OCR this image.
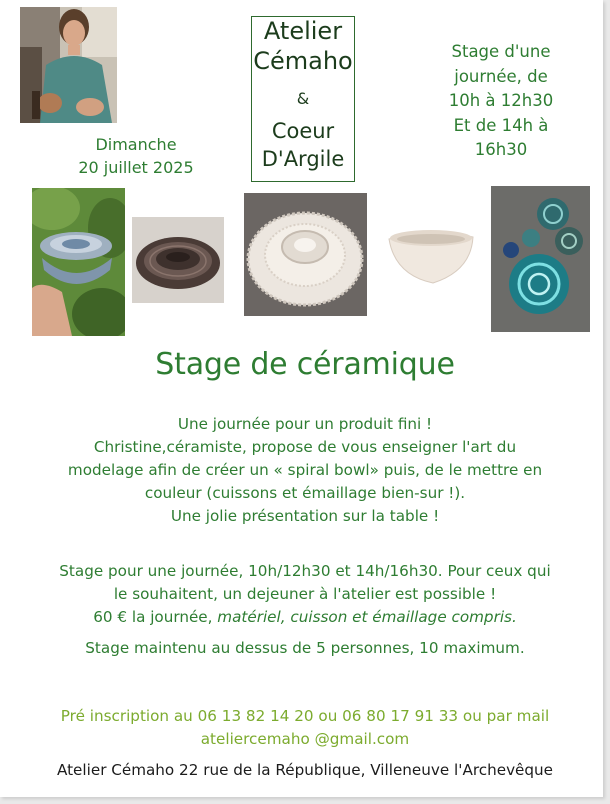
Atelier
Cémaho
&
Coeur
D'Argile
Dimanche
20 juillet 2025
Stage d'une
journée, de
10h à 12h30
Et de 14h à
16h30
Stage de céramique
Une journée pour un produit fini !
Christine,céramiste, propose de vous enseigner l'art du
modelage afin de créer un « spiral bowl» puis, de le mettre en
couleur (cuissons et émaillage bien-sur !).
Une jolie présentation sur la table !
Stage pour une journée, 10h/12h30 et 14h/16h30. Pour ceux qui
le souhaitent, un dejeuner à l'atelier est possible !
60 € la journée, matériel, cuisson et émaillage compris.
Stage maintenu au dessus de 5 personnes, 10 maximum.
Pré inscription au 06 13 82 14 20 ou 06 80 17 91 33 ou par mail
ateliercemaho @gmail.com
Atelier Cémaho 22 rue de la République, Villeneuve l'Archevêque
